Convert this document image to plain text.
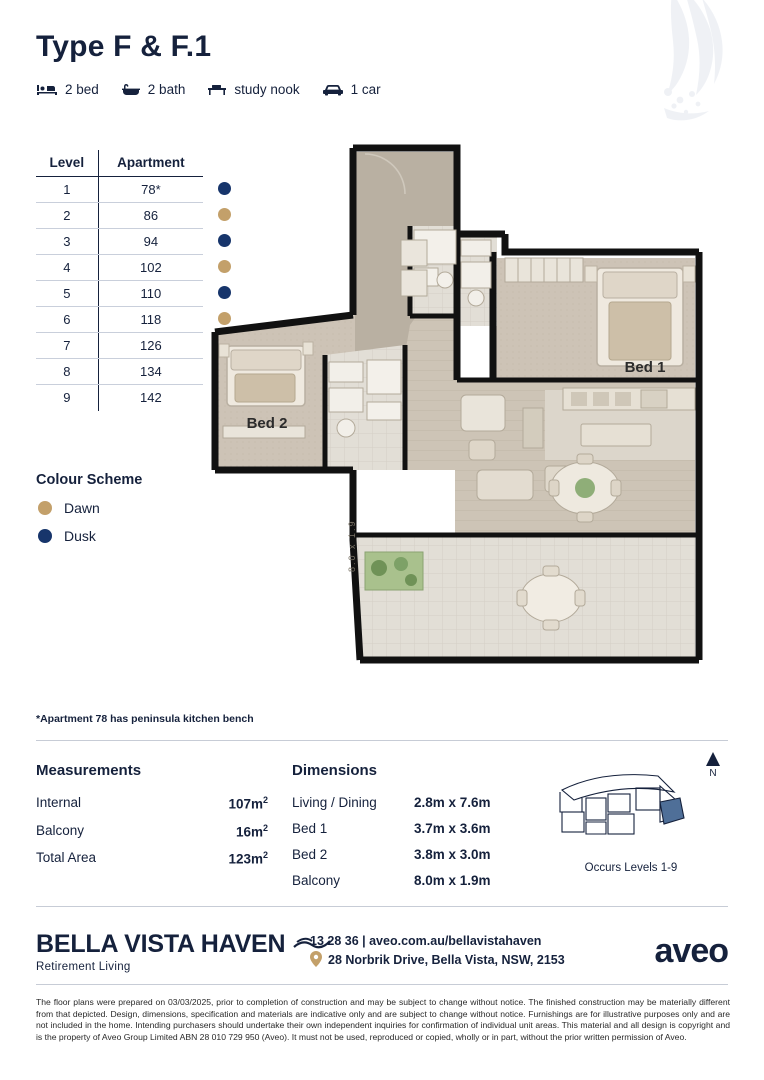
Type F & F.1
2 bed	2 bath	study nook	1 car
Level	Apartment	
1	78*	
2	86	
3	94	
4	102	
5	110	
6	118	
7	126	
8	134	
9	142	
Colour Scheme
Dawn
Dusk	8.0 x 1.9
Bed 1
Bed 2
*Apartment 78 has peninsula kitchen bench
Measurements
Internal	$107m^2$
Balcony	$16m^2$
Total Area	$123m^2$
Dimensions
Living / Dining	2.8m x 7.6m
Bed 1	3.7m x 3.6m
Bed 2	3.8m x 3.0m
Balcony	8.0m x 1.9m
N
Occurs Levels 1-9
BELLA VISTA HAVEN
Retirement Living
13 28 36 | aveo.com.au/bellavistahaven
28 Norbrik Drive, Bella Vista, NSW, 2153	aveo
The floor plans were prepared on 03/03/2025, prior to completion of construction and may be subject to change without notice. The finished construction may be materially different from that depicted. Design, dimensions, specification and materials are indicative only and are subject to change without notice. Furnishings are for illustrative purposes only and are not included in the home. Intending purchasers should undertake their own independent inquiries for confirmation of individual unit areas. This material and all design is copyright and is the property of Aveo Group Limited ABN 28 010 729 950 (Aveo). It must not be used, reproduced or copied, wholly or in part, without the prior written permission of Aveo.
